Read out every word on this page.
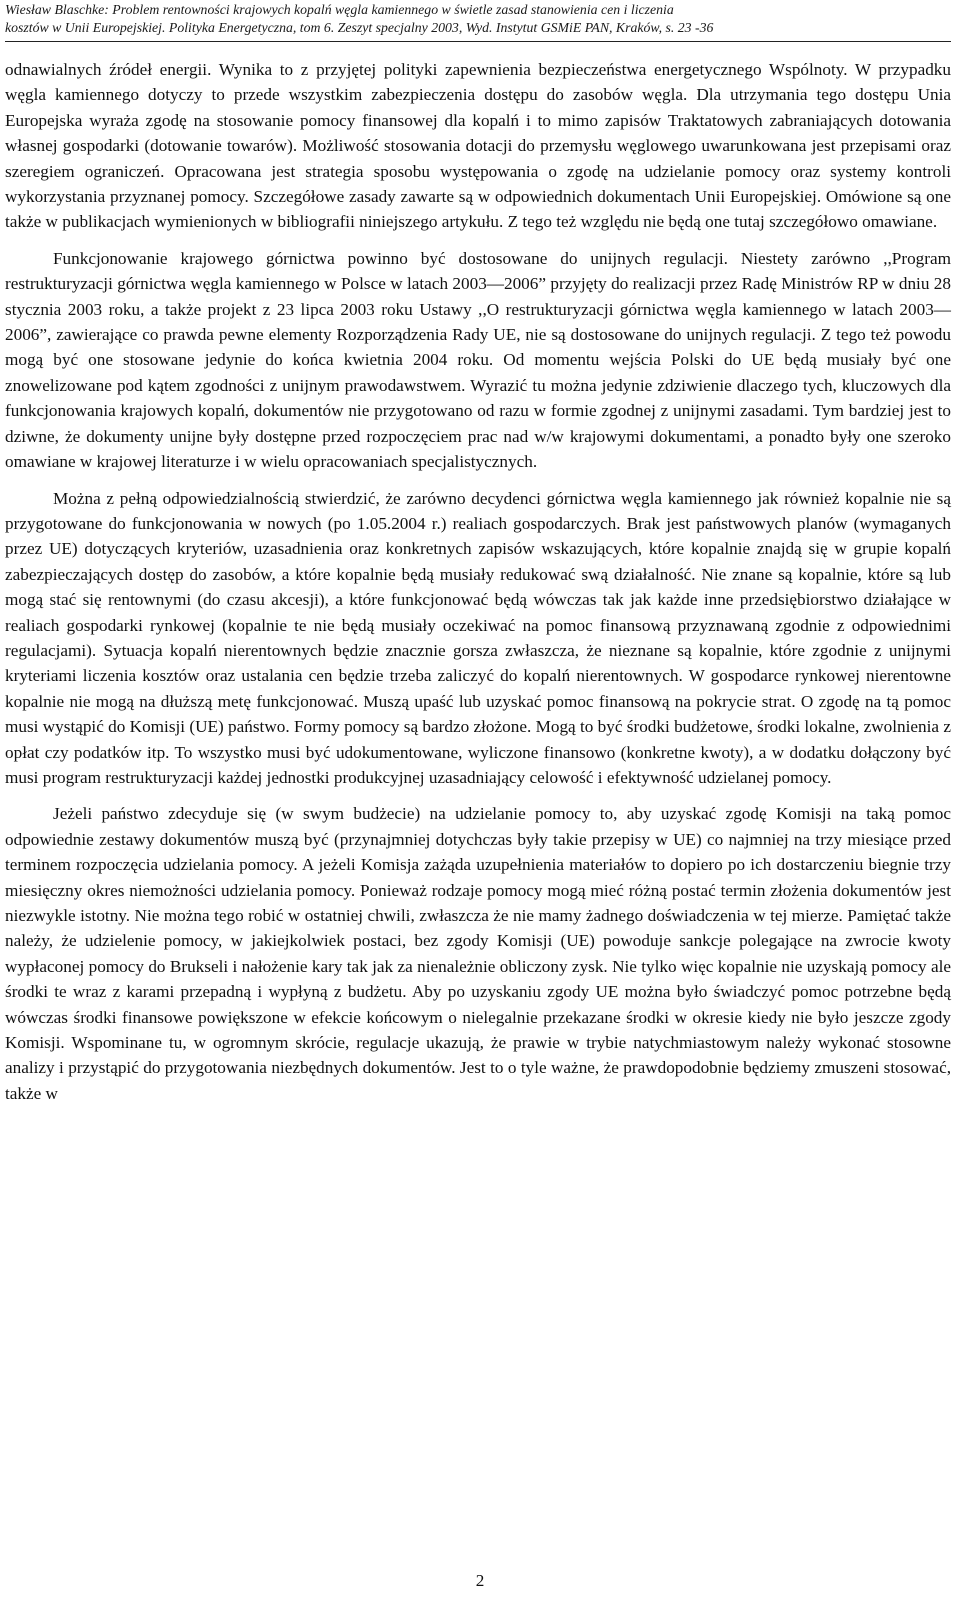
Wiesław Blaschke: Problem rentowności krajowych kopalń węgla kamiennego w świetle zasad stanowienia cen i liczenia
kosztów w Unii Europejskiej. Polityka Energetyczna, tom 6. Zeszyt specjalny 2003, Wyd. Instytut GSMiE PAN, Kraków, s. 23 -36

odnawialnych źródeł energii. Wynika to z przyjętej polityki zapewnienia bezpieczeństwa energetycznego Wspólnoty. W przypadku węgla kamiennego dotyczy to przede wszystkim zabezpieczenia dostępu do zasobów węgla. Dla utrzymania tego dostępu Unia Europejska wyraża zgodę na stosowanie pomocy finansowej dla kopalń i to mimo zapisów Traktatowych zabraniających dotowania własnej gospodarki (dotowanie towarów). Możliwość stosowania dotacji do przemysłu węglowego uwarunkowana jest przepisami oraz szeregiem ograniczeń. Opracowana jest strategia sposobu występowania o zgodę na udzielanie pomocy oraz systemy kontroli wykorzystania przyznanej pomocy. Szczegółowe zasady zawarte są w odpowiednich dokumentach Unii Europejskiej. Omówione są one także w publikacjach wymienionych w bibliografii niniejszego artykułu. Z tego też względu nie będą one tutaj szczegółowo omawiane.

Funkcjonowanie krajowego górnictwa powinno być dostosowane do unijnych regulacji. Niestety zarówno ,,Program restrukturyzacji górnictwa węgla kamiennego w Polsce w latach 2003—2006” przyjęty do realizacji przez Radę Ministrów RP w dniu 28 stycznia 2003 roku, a także projekt z 23 lipca 2003 roku Ustawy ,,O restrukturyzacji górnictwa węgla kamiennego w latach 2003—2006”, zawierające co prawda pewne elementy Rozporządzenia Rady UE, nie są dostosowane do unijnych regulacji. Z tego też powodu mogą być one stosowane jedynie do końca kwietnia 2004 roku. Od momentu wejścia Polski do UE będą musiały być one znowelizowane pod kątem zgodności z unijnym prawodawstwem. Wyrazić tu można jedynie zdziwienie dlaczego tych, kluczowych dla funkcjonowania krajowych kopalń, dokumentów nie przygotowano od razu w formie zgodnej z unijnymi zasadami. Tym bardziej jest to dziwne, że dokumenty unijne były dostępne przed rozpoczęciem prac nad w/w krajowymi dokumentami, a ponadto były one szeroko omawiane w krajowej literaturze i w wielu opracowaniach specjalistycznych.

Można z pełną odpowiedzialnością stwierdzić, że zarówno decydenci górnictwa węgla kamiennego jak również kopalnie nie są przygotowane do funkcjonowania w nowych (po 1.05.2004 r.) realiach gospodarczych. Brak jest państwowych planów (wymaganych przez UE) dotyczących kryteriów, uzasadnienia oraz konkretnych zapisów wskazujących, które kopalnie znajdą się w grupie kopalń zabezpieczających dostęp do zasobów, a które kopalnie będą musiały redukować swą działalność. Nie znane są kopalnie, które są lub mogą stać się rentownymi (do czasu akcesji), a które funkcjonować będą wówczas tak jak każde inne przedsiębiorstwo działające w realiach gospodarki rynkowej (kopalnie te nie będą musiały oczekiwać na pomoc finansową przyznawaną zgodnie z odpowiednimi regulacjami). Sytuacja kopalń nierentownych będzie znacznie gorsza zwłaszcza, że nieznane są kopalnie, które zgodnie z unijnymi kryteriami liczenia kosztów oraz ustalania cen będzie trzeba zaliczyć do kopalń nierentownych. W gospodarce rynkowej nierentowne kopalnie nie mogą na dłuższą metę funkcjonować. Muszą upaść lub uzyskać pomoc finansową na pokrycie strat. O zgodę na tą pomoc musi wystąpić do Komisji (UE) państwo. Formy pomocy są bardzo złożone. Mogą to być środki budżetowe, środki lokalne, zwolnienia z opłat czy podatków itp. To wszystko musi być udokumentowane, wyliczone finansowo (konkretne kwoty), a w dodatku dołączony być musi program restrukturyzacji każdej jednostki produkcyjnej uzasadniający celowość i efektywność udzielanej pomocy.

Jeżeli państwo zdecyduje się (w swym budżecie) na udzielanie pomocy to, aby uzyskać zgodę Komisji na taką pomoc odpowiednie zestawy dokumentów muszą być (przynajmniej dotychczas były takie przepisy w UE) co najmniej na trzy miesiące przed terminem rozpoczęcia udzielania pomocy. A jeżeli Komisja zażąda uzupełnienia materiałów to dopiero po ich dostarczeniu biegnie trzy miesięczny okres niemożności udzielania pomocy. Ponieważ rodzaje pomocy mogą mieć różną postać termin złożenia dokumentów jest niezwykle istotny. Nie można tego robić w ostatniej chwili, zwłaszcza że nie mamy żadnego doświadczenia w tej mierze. Pamiętać także należy, że udzielenie pomocy, w jakiejkolwiek postaci, bez zgody Komisji (UE) powoduje sankcje polegające na zwrocie kwoty wypłaconej pomocy do Brukseli i nałożenie kary tak jak za nienależnie obliczony zysk. Nie tylko więc kopalnie nie uzyskają pomocy ale środki te wraz z karami przepadną i wypłyną z budżetu. Aby po uzyskaniu zgody UE można było świadczyć pomoc potrzebne będą wówczas środki finansowe powiększone w efekcie końcowym o nielegalnie przekazane środki w okresie kiedy nie było jeszcze zgody Komisji. Wspominane tu, w ogromnym skrócie, regulacje ukazują, że prawie w trybie natychmiastowym należy wykonać stosowne analizy i przystąpić do przygotowania niezbędnych dokumentów. Jest to o tyle ważne, że prawdopodobnie będziemy zmuszeni stosować, także w

2
